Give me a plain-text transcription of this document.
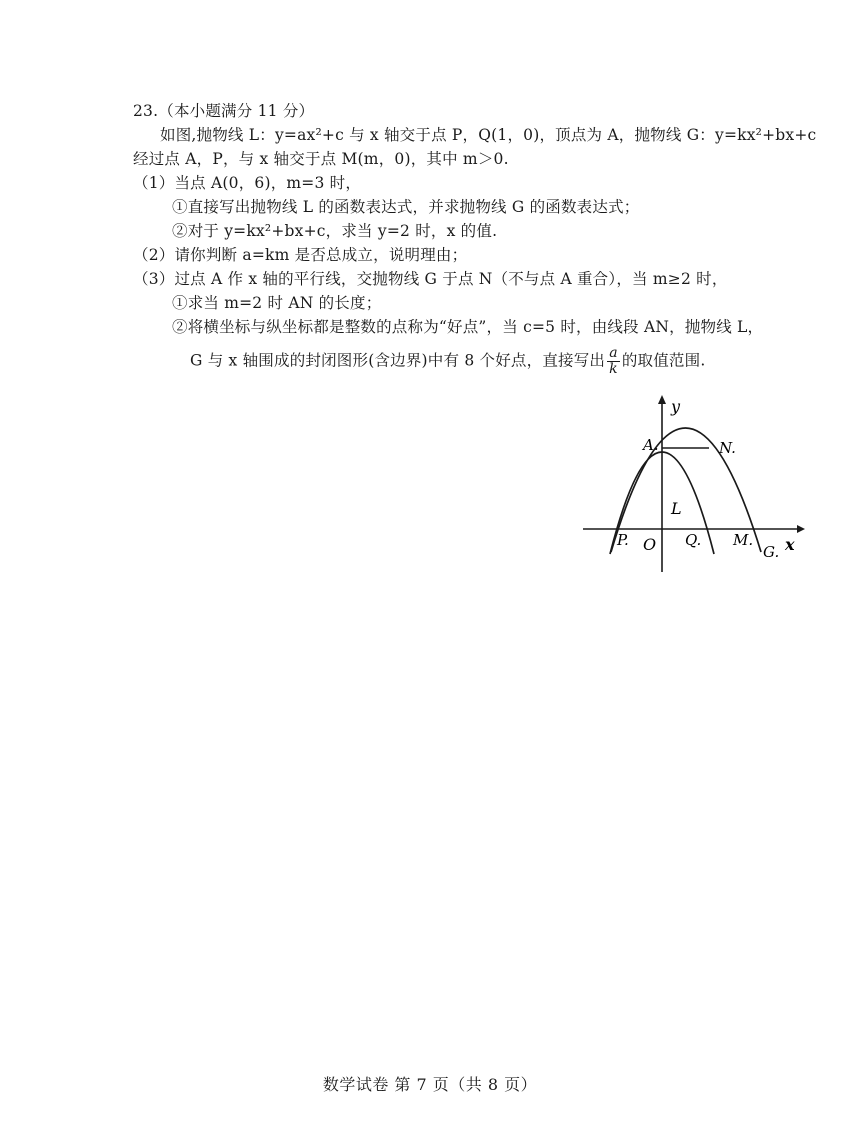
23.（本小题满分 11 分）
如图,抛物线 L：y=ax²+c 与 x 轴交于点 P，Q(1，0)，顶点为 A，抛物线 G：y=kx²+bx+c
经过点 A，P，与 x 轴交于点 M(m，0)，其中 m＞0.
（1）当点 A(0，6)，m=3 时，
①直接写出抛物线 L 的函数表达式，并求抛物线 G 的函数表达式；
②对于 y=kx²+bx+c，求当 y=2 时，x 的值.
（2）请你判断 a=km 是否总成立，说明理由；
（3）过点 A 作 x 轴的平行线，交抛物线 G 于点 N（不与点 A 重合），当 m≥2 时，
①求当 m=2 时 AN 的长度；
②将横坐标与纵坐标都是整数的点称为“好点”，当 c=5 时，由线段 AN，抛物线 L，
G 与 x 轴围成的封闭图形(含边界)中有 8 个好点，直接写出 $\frac{a}{k}$ 的取值范围.
y
x
A.	N.
L
P. O Q. M.
G.
数学试卷 第 7 页（共 8 页）
